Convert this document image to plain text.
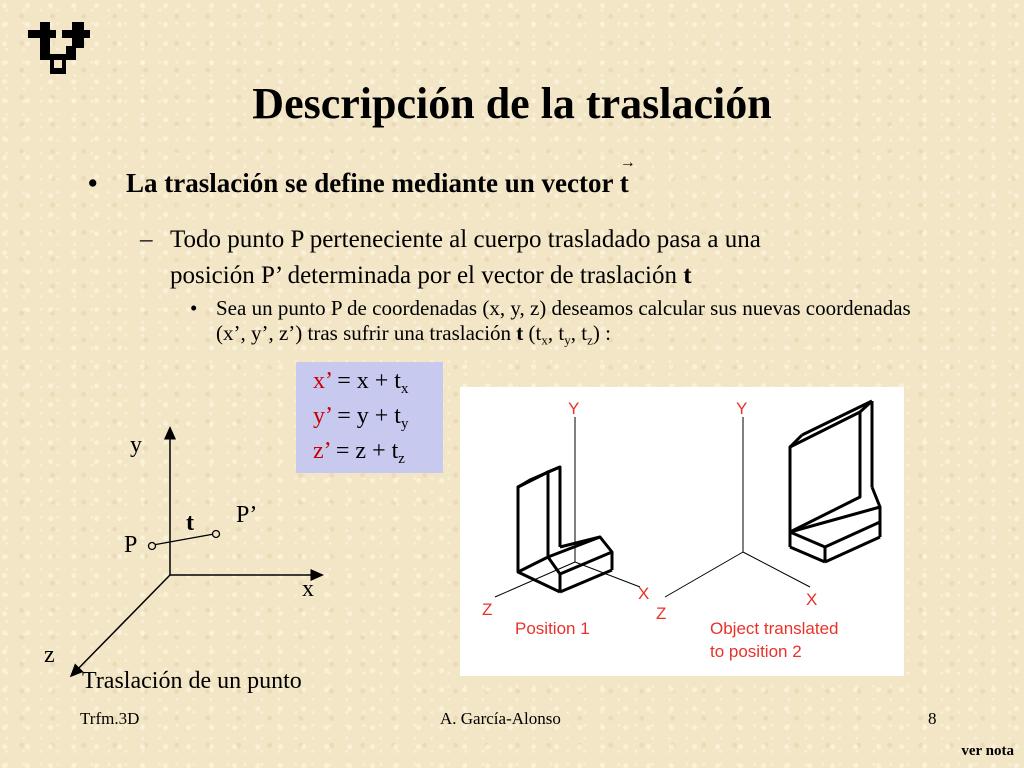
Descripción de la traslación
• La traslación se define mediante un vector
→
t
– Todo punto P perteneciente al cuerpo trasladado pasa a una
posición P’ determinada por el vector de traslación t
• Sea un punto P de coordenadas (x, y, z) deseamos calcular sus nuevas coordenadas (x’, y’, z’) tras sufrir una traslación t ($t_x$, $t_y$, $t_z$) :
x’ = $x + t_x$
y’ = $y + t_y$
z’ = $z + t_z$
y
x
z
P
P’
t
Traslación de un punto
Y	Y
X	X
Z	Z
Position 1	Object translated
to position 2
Trfm.3D	A. García-Alonso	8
ver nota
